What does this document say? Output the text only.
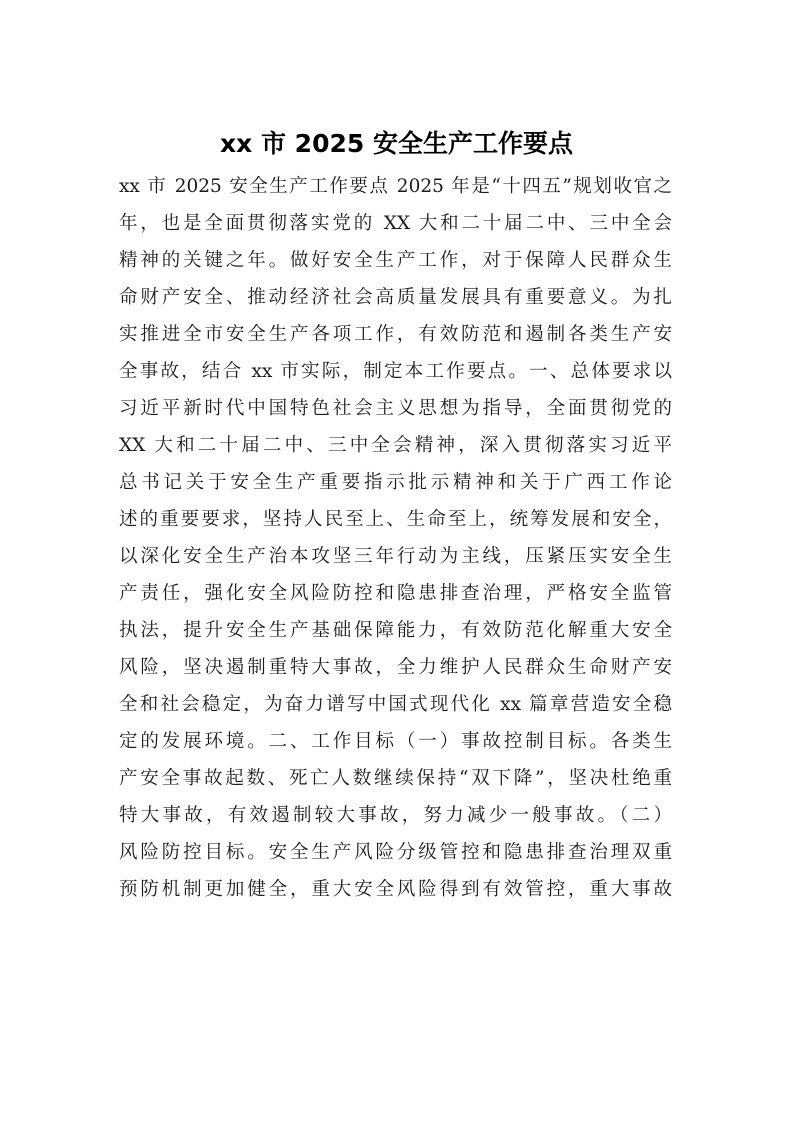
xx 市 2025 安全生产工作要点
xx 市 2025 安全生产工作要点 2025 年是“十四五”规划收官之
年，也是全面贯彻落实党的 XX 大和二十届二中、三中全会
精神的关键之年。做好安全生产工作，对于保障人民群众生
命财产安全、推动经济社会高质量发展具有重要意义。为扎
实推进全市安全生产各项工作，有效防范和遏制各类生产安
全事故，结合 xx 市实际，制定本工作要点。一、总体要求以
习近平新时代中国特色社会主义思想为指导，全面贯彻党的
XX 大和二十届二中、三中全会精神，深入贯彻落实习近平
总书记关于安全生产重要指示批示精神和关于广西工作论
述的重要要求，坚持人民至上、生命至上，统筹发展和安全，
以深化安全生产治本攻坚三年行动为主线，压紧压实安全生
产责任，强化安全风险防控和隐患排查治理，严格安全监管
执法，提升安全生产基础保障能力，有效防范化解重大安全
风险，坚决遏制重特大事故，全力维护人民群众生命财产安
全和社会稳定，为奋力谱写中国式现代化 xx 篇章营造安全稳
定的发展环境。二、工作目标（一）事故控制目标。各类生
产安全事故起数、死亡人数继续保持“双下降”，坚决杜绝重
特大事故，有效遏制较大事故，努力减少一般事故。（二）
风险防控目标。安全生产风险分级管控和隐患排查治理双重
预防机制更加健全，重大安全风险得到有效管控，重大事故
